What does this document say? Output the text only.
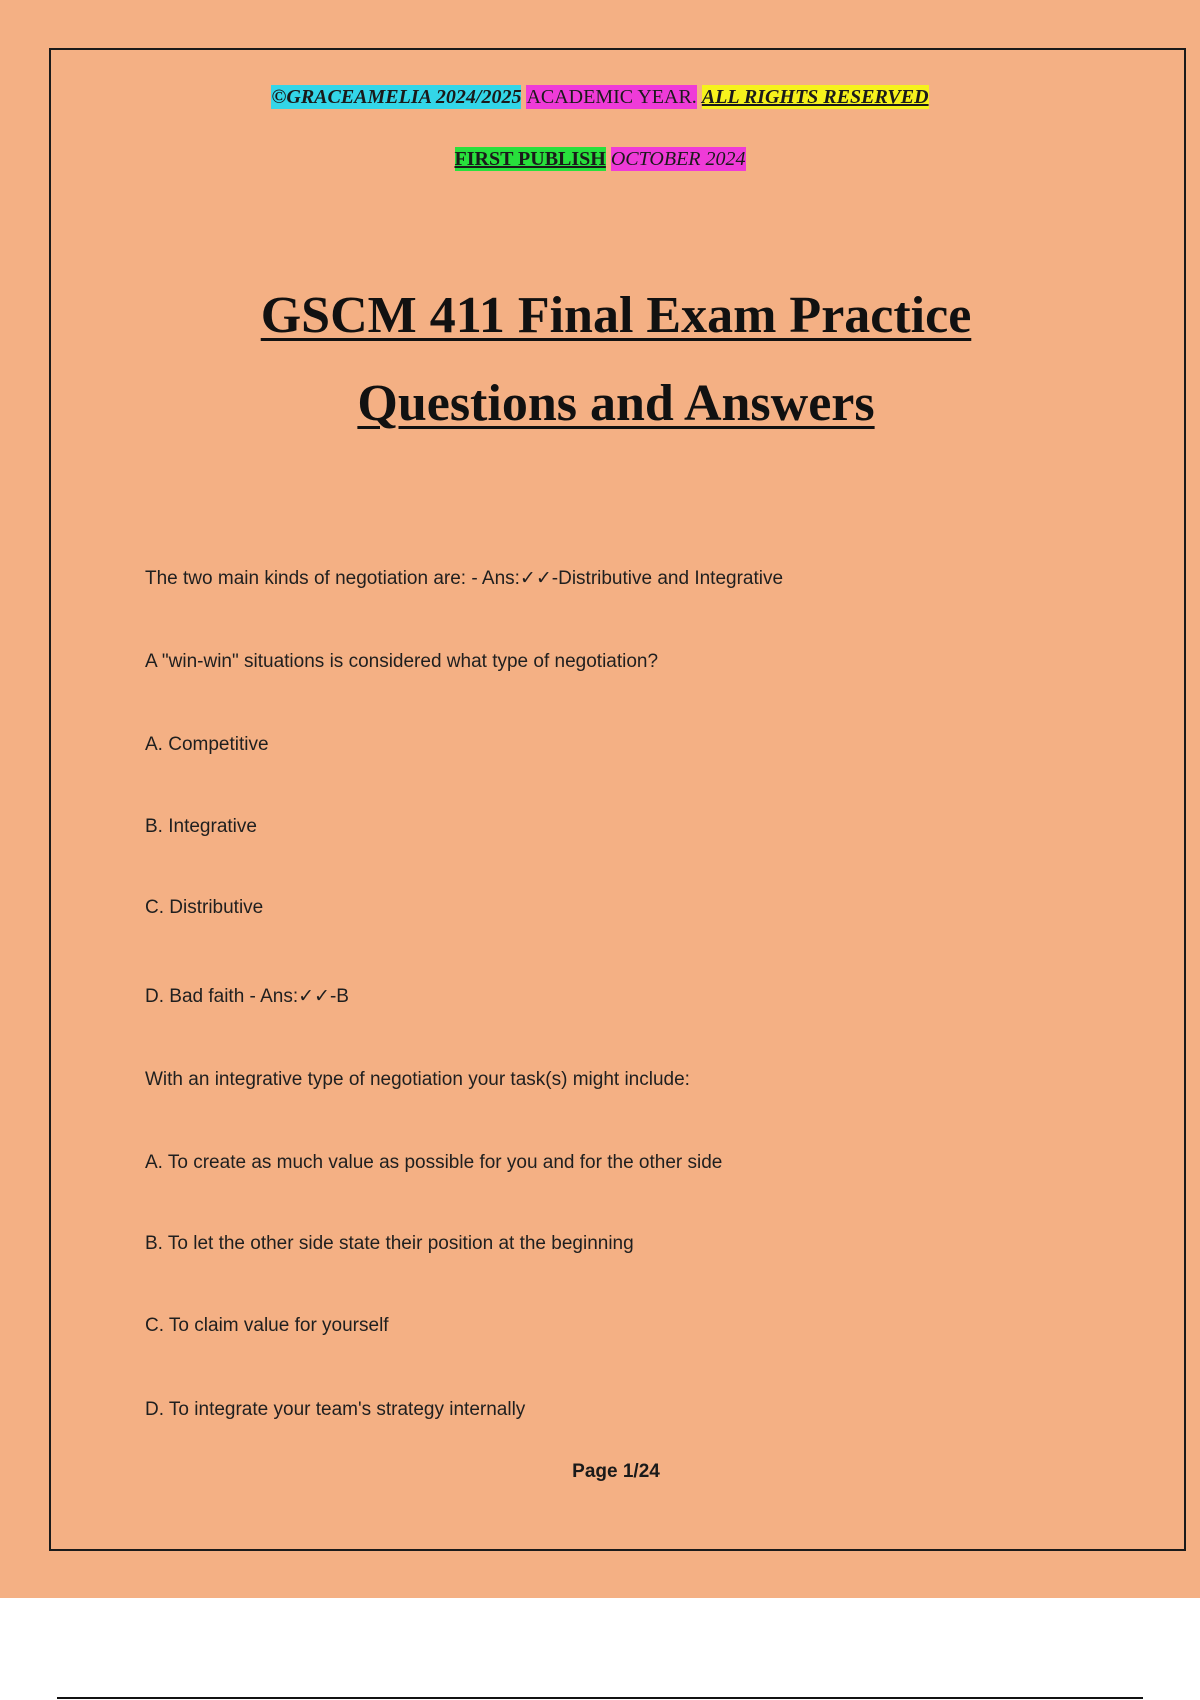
©GRACEAMELIA 2024/2025 ACADEMIC YEAR. ALL RIGHTS RESERVED
FIRST PUBLISH OCTOBER 2024
GSCM 411 Final Exam Practice
Questions and Answers
The two main kinds of negotiation are: - Ans:✓✓-Distributive and Integrative
A "win-win" situations is considered what type of negotiation?
A. Competitive
B. Integrative
C. Distributive
D. Bad faith - Ans:✓✓-B
With an integrative type of negotiation your task(s) might include:
A. To create as much value as possible for you and for the other side
B. To let the other side state their position at the beginning
C. To claim value for yourself
D. To integrate your team's strategy internally
Page 1/24
